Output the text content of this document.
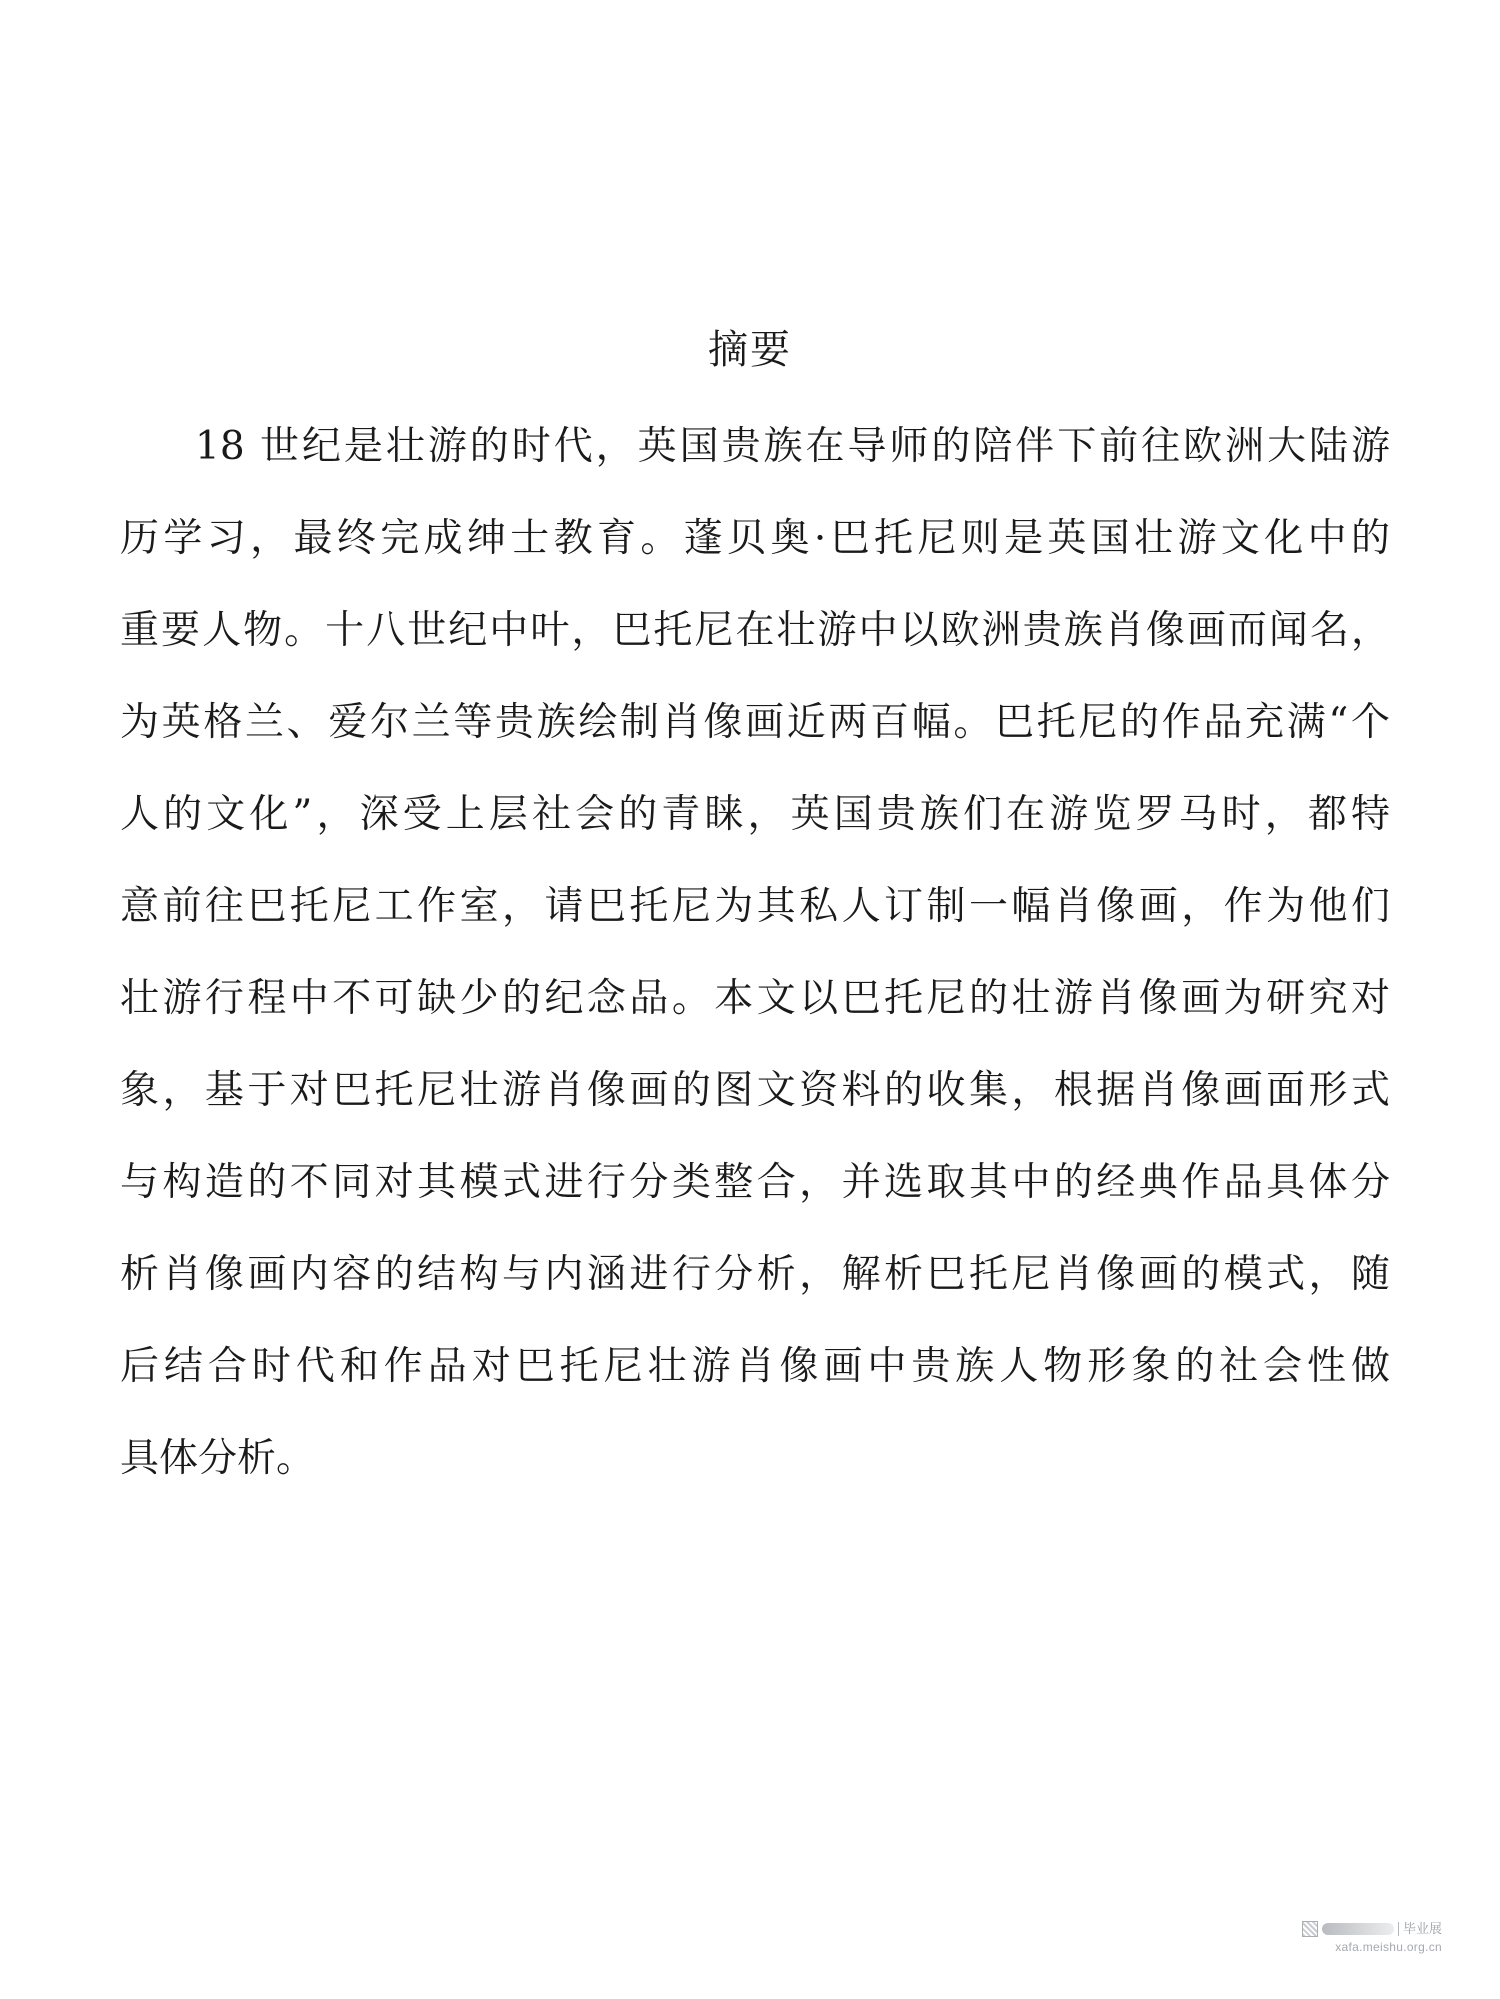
摘要
18 世纪是壮游的时代，英国贵族在导师的陪伴下前往欧洲大陆游
历学习，最终完成绅士教育。蓬贝奥·巴托尼则是英国壮游文化中的
重要人物。十八世纪中叶，巴托尼在壮游中以欧洲贵族肖像画而闻名，
为英格兰、爱尔兰等贵族绘制肖像画近两百幅。巴托尼的作品充满“个
人的文化”，深受上层社会的青睐，英国贵族们在游览罗马时，都特
意前往巴托尼工作室，请巴托尼为其私人订制一幅肖像画，作为他们
壮游行程中不可缺少的纪念品。本文以巴托尼的壮游肖像画为研究对
象，基于对巴托尼壮游肖像画的图文资料的收集，根据肖像画面形式
与构造的不同对其模式进行分类整合，并选取其中的经典作品具体分
析肖像画内容的结构与内涵进行分析，解析巴托尼肖像画的模式，随
后结合时代和作品对巴托尼壮游肖像画中贵族人物形象的社会性做
具体分析。
毕业展
xafa.meishu.org.cn
